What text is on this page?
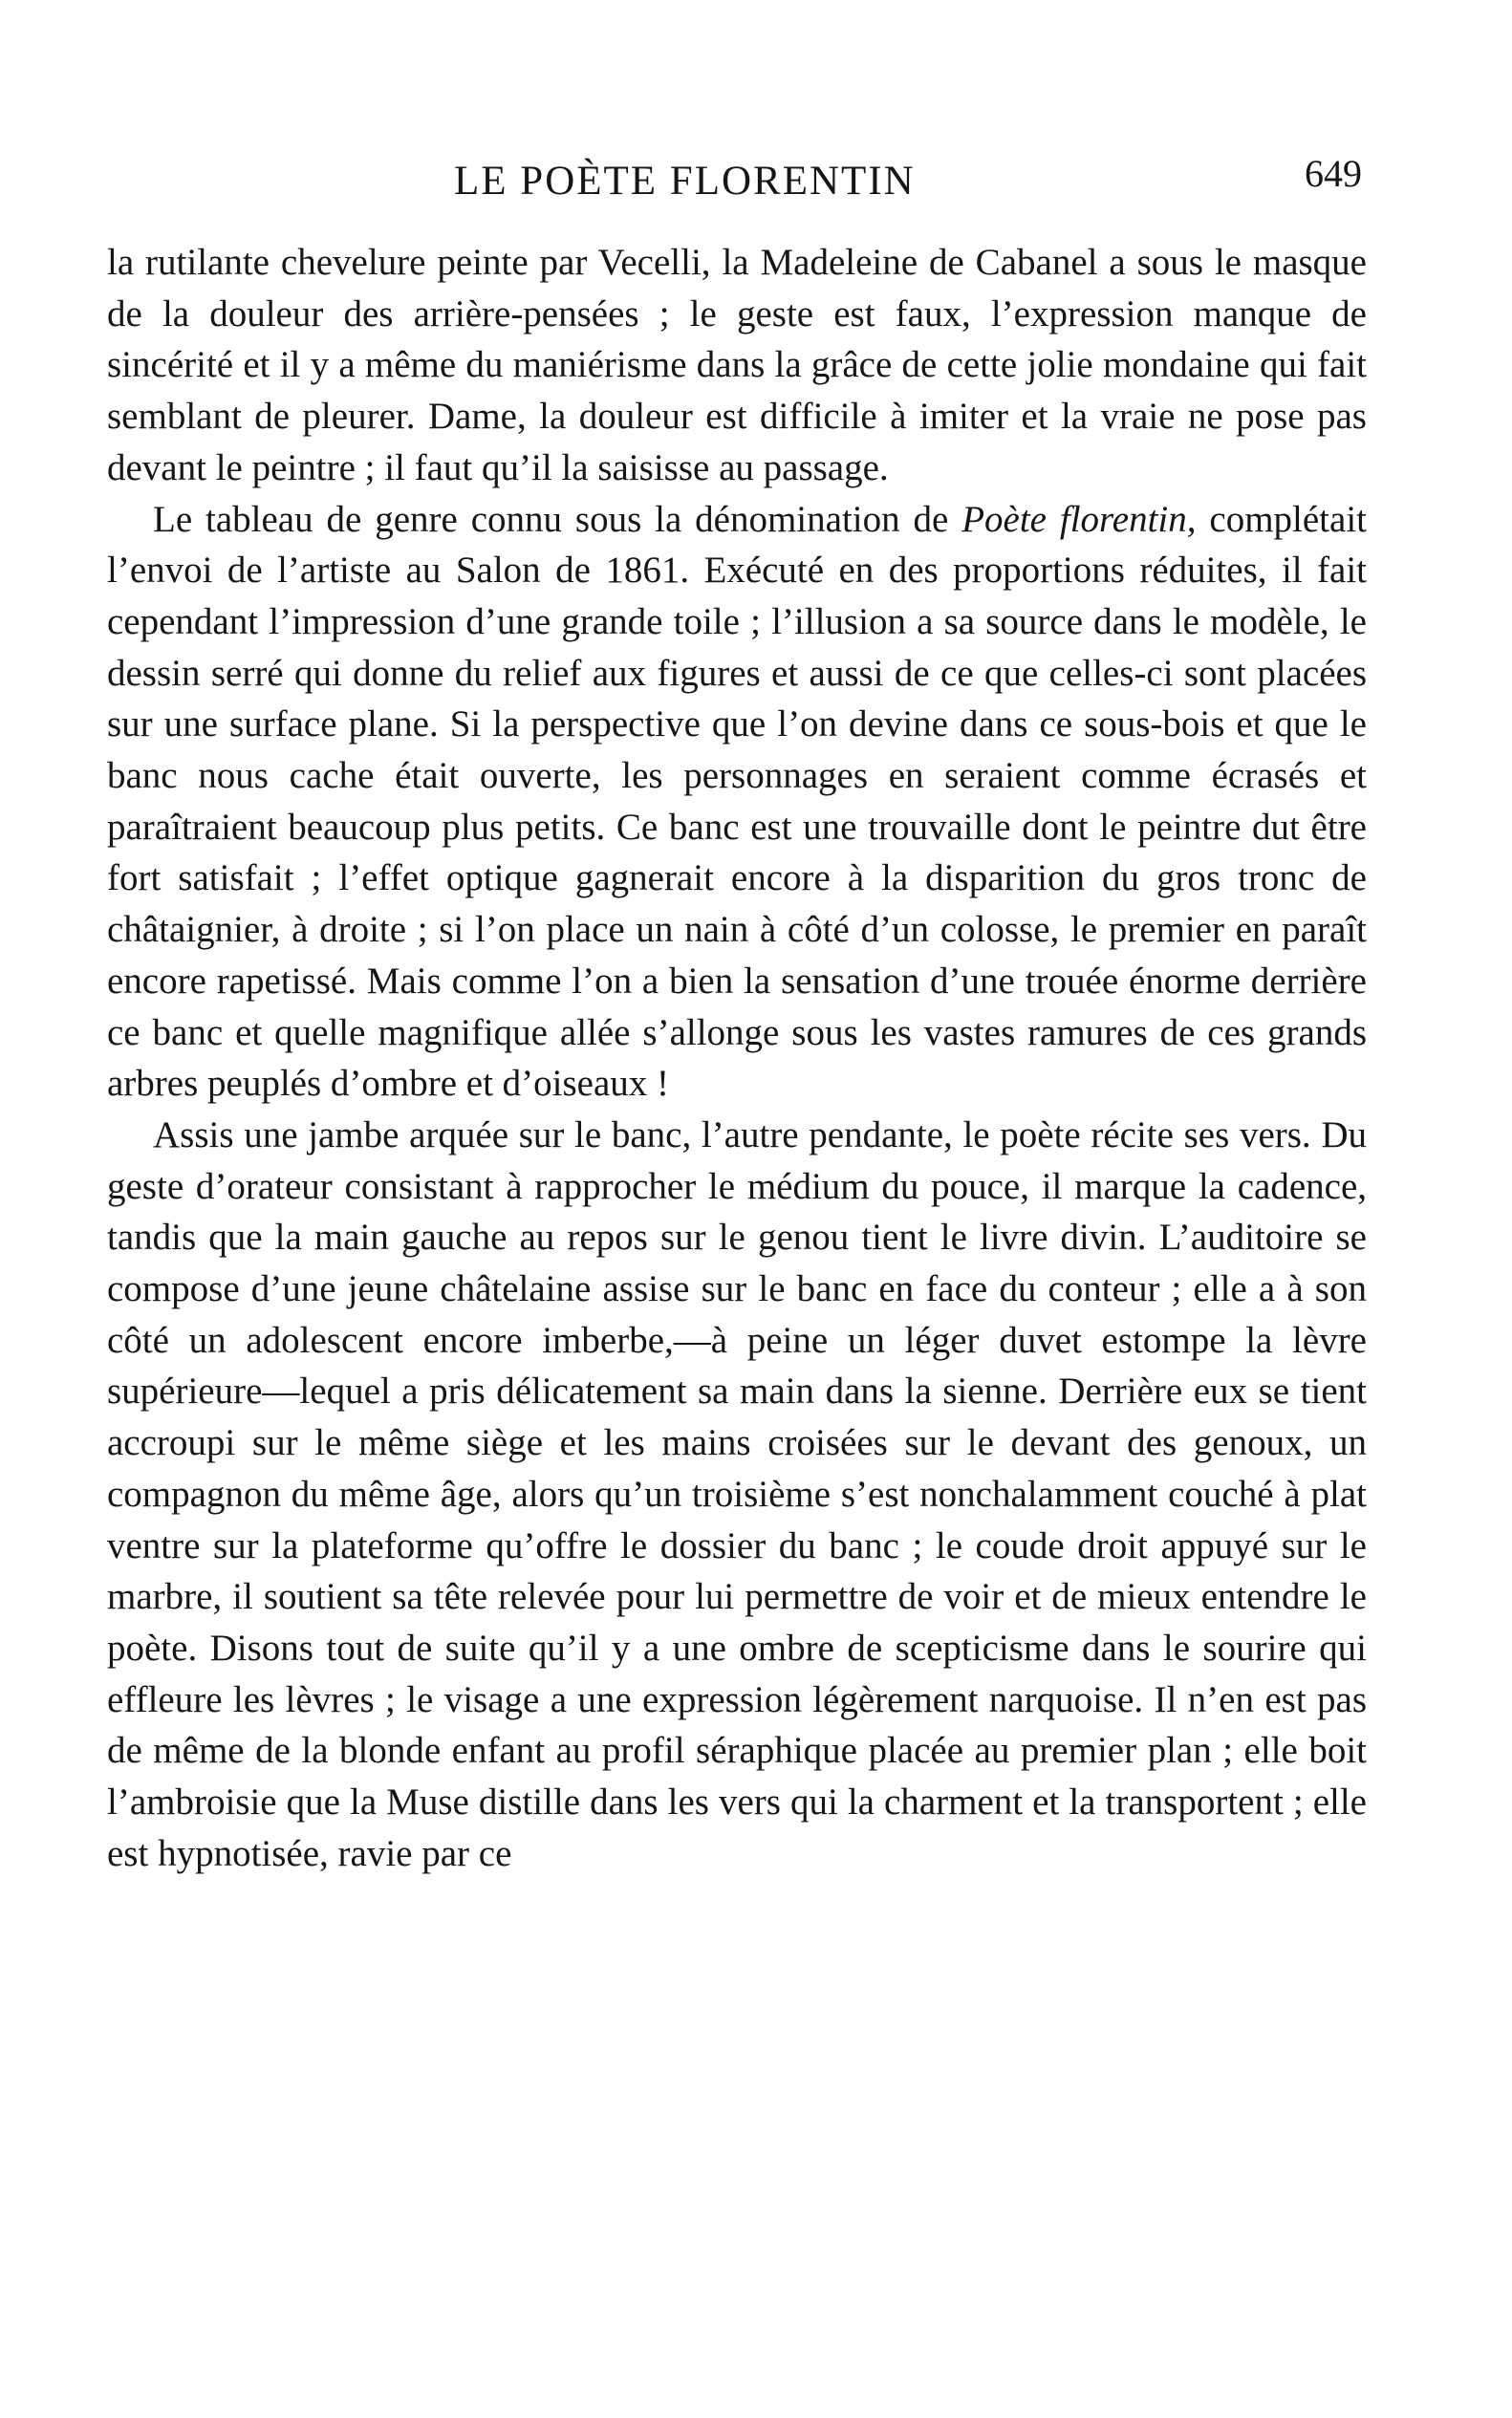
LE POÈTE FLORENTIN	649

la rutilante chevelure peinte par Vecelli, la Madeleine de Cabanel a sous le masque de la douleur des arrière-pensées ; le geste est faux, l’expression manque de sincérité et il y a même du maniérisme dans la grâce de cette jolie mondaine qui fait semblant de pleurer. Dame, la douleur est difficile à imiter et la vraie ne pose pas devant le peintre ; il faut qu’il la saisisse au passage.

Le tableau de genre connu sous la dénomination de Poète florentin, complétait l’envoi de l’artiste au Salon de 1861. Exécuté en des proportions réduites, il fait cependant l’impression d’une grande toile ; l’illusion a sa source dans le modèle, le dessin serré qui donne du relief aux figures et aussi de ce que celles-ci sont placées sur une surface plane. Si la perspective que l’on devine dans ce sous-bois et que le banc nous cache était ouverte, les personnages en seraient comme écrasés et paraîtraient beaucoup plus petits. Ce banc est une trouvaille dont le peintre dut être fort satisfait ; l’effet optique gagnerait encore à la disparition du gros tronc de châtaignier, à droite ; si l’on place un nain à côté d’un colosse, le premier en paraît encore rapetissé. Mais comme l’on a bien la sensation d’une trouée énorme derrière ce banc et quelle magnifique allée s’allonge sous les vastes ramures de ces grands arbres peuplés d’ombre et d’oiseaux !

Assis une jambe arquée sur le banc, l’autre pendante, le poète récite ses vers. Du geste d’orateur consistant à rapprocher le médium du pouce, il marque la cadence, tandis que la main gauche au repos sur le genou tient le livre divin. L’auditoire se compose d’une jeune châtelaine assise sur le banc en face du conteur ; elle a à son côté un adolescent encore imberbe,—à peine un léger duvet estompe la lèvre supérieure—lequel a pris délicatement sa main dans la sienne. Derrière eux se tient accroupi sur le même siège et les mains croisées sur le devant des genoux, un compagnon du même âge, alors qu’un troisième s’est nonchalamment couché à plat ventre sur la plateforme qu’offre le dossier du banc ; le coude droit appuyé sur le marbre, il soutient sa tête relevée pour lui permettre de voir et de mieux entendre le poète. Disons tout de suite qu’il y a une ombre de scepticisme dans le sourire qui effleure les lèvres ; le visage a une expression légèrement narquoise. Il n’en est pas de même de la blonde enfant au profil séraphique placée au premier plan ; elle boit l’ambroisie que la Muse distille dans les vers qui la charment et la transportent ; elle est hypnotisée, ravie par ce
